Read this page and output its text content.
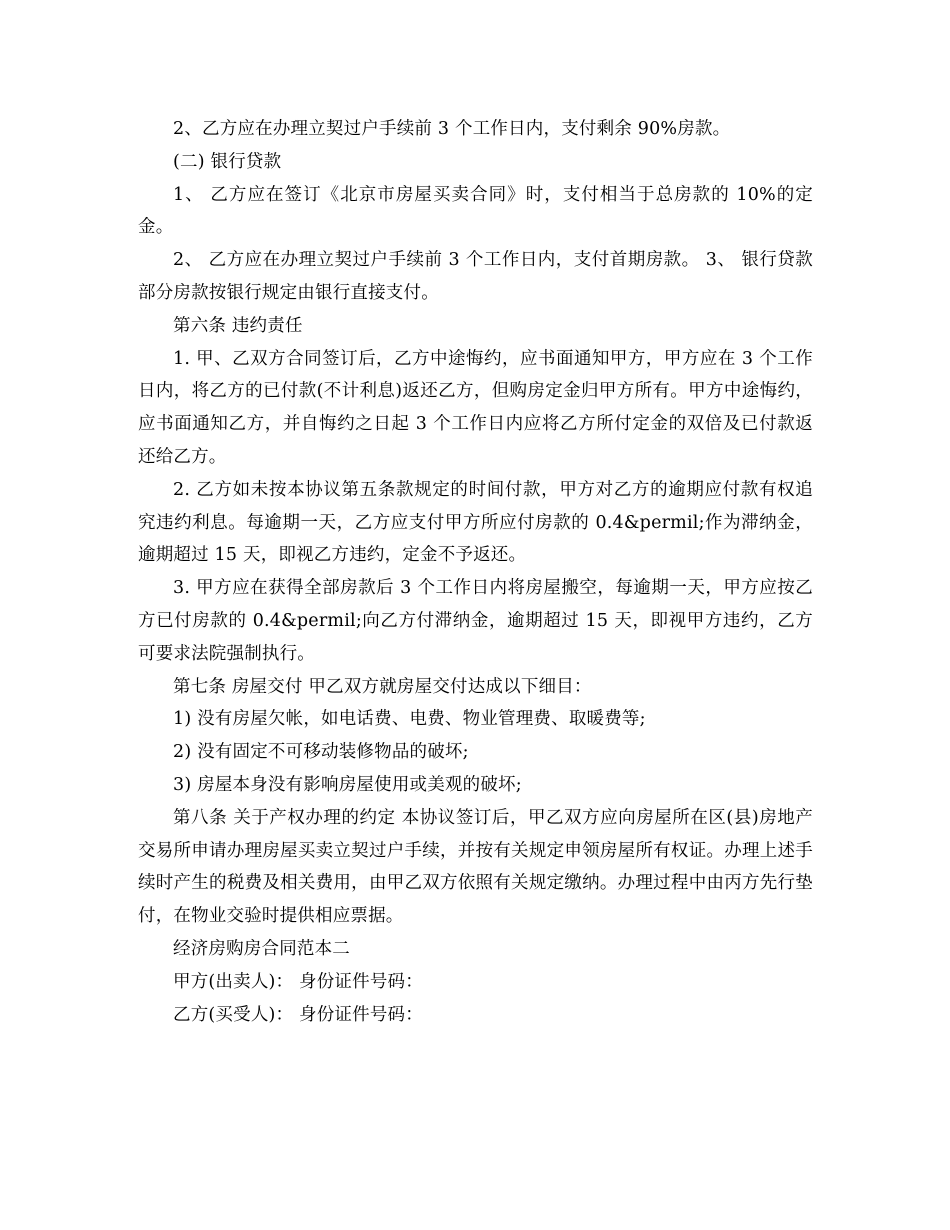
2、乙方应在办理立契过户手续前 3 个工作日内，支付剩余 90%房款。

(二) 银行贷款

1、 乙方应在签订《北京市房屋买卖合同》时，支付相当于总房款的 10%的定金。

2、 乙方应在办理立契过户手续前 3 个工作日内，支付首期房款。 3、 银行贷款部分房款按银行规定由银行直接支付。

第六条 违约责任

1. 甲、乙双方合同签订后，乙方中途悔约，应书面通知甲方，甲方应在 3 个工作日内，将乙方的已付款(不计利息)返还乙方，但购房定金归甲方所有。甲方中途悔约，应书面通知乙方，并自悔约之日起 3 个工作日内应将乙方所付定金的双倍及已付款返还给乙方。

2. 乙方如未按本协议第五条款规定的时间付款，甲方对乙方的逾期应付款有权追究违约利息。每逾期一天，乙方应支付甲方所应付房款的 0.4&permil;作为滞纳金，逾期超过 15 天，即视乙方违约，定金不予返还。

3. 甲方应在获得全部房款后 3 个工作日内将房屋搬空，每逾期一天，甲方应按乙方已付房款的 0.4&permil;向乙方付滞纳金，逾期超过 15 天，即视甲方违约，乙方可要求法院强制执行。

第七条 房屋交付 甲乙双方就房屋交付达成以下细目：

1) 没有房屋欠帐，如电话费、电费、物业管理费、取暖费等;

2) 没有固定不可移动装修物品的破坏;

3) 房屋本身没有影响房屋使用或美观的破坏;

第八条 关于产权办理的约定 本协议签订后，甲乙双方应向房屋所在区(县)房地产交易所申请办理房屋买卖立契过户手续，并按有关规定申领房屋所有权证。办理上述手续时产生的税费及相关费用，由甲乙双方依照有关规定缴纳。办理过程中由丙方先行垫付，在物业交验时提供相应票据。

经济房购房合同范本二

甲方(出卖人)： 身份证件号码：

乙方(买受人)： 身份证件号码：
